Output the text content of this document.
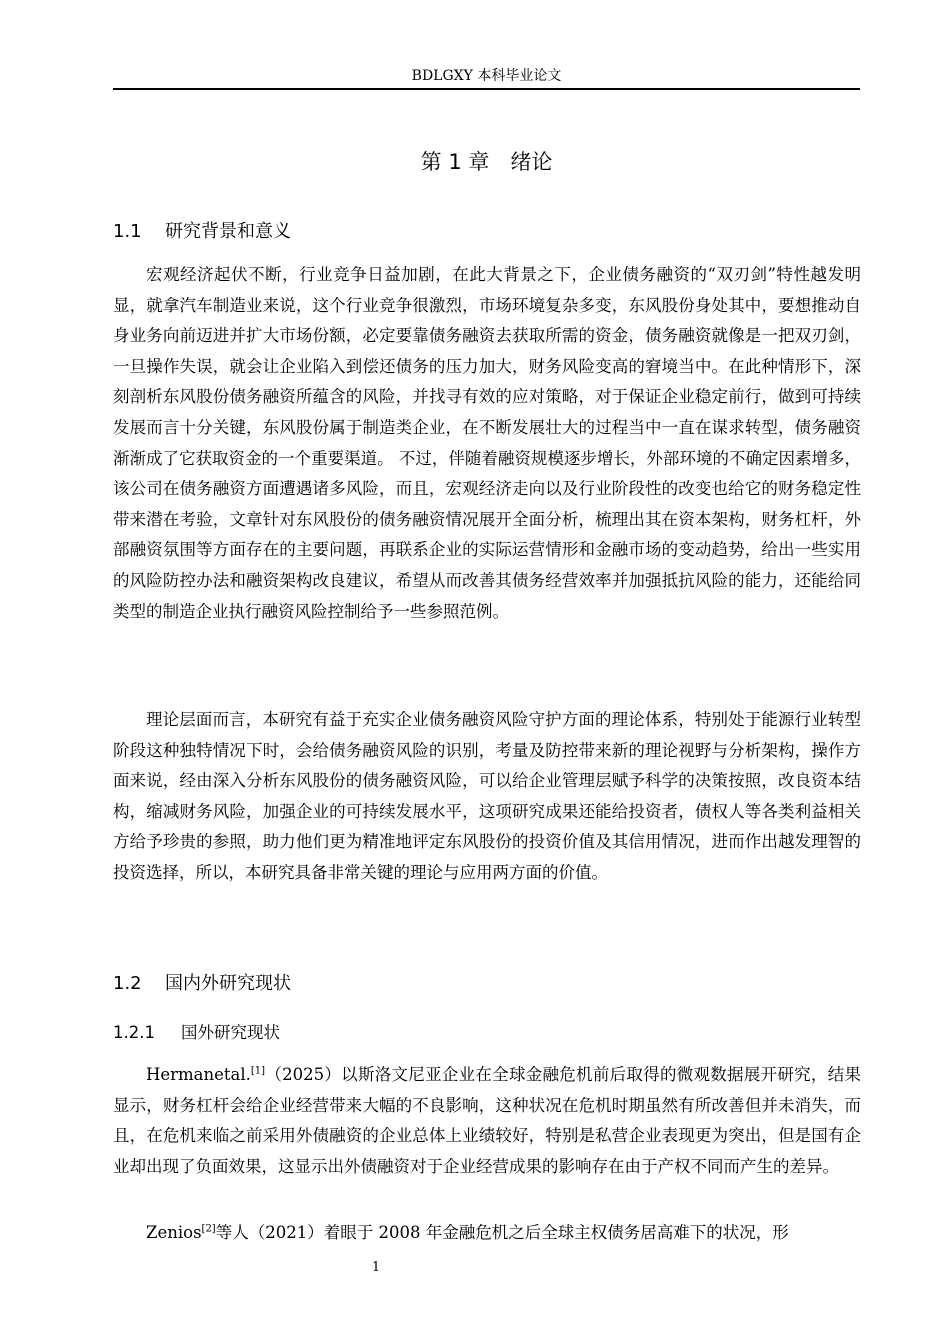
BDLGXY 本科毕业论文
第 1 章　绪论
1.1 研究背景和意义

宏观经济起伏不断，行业竞争日益加剧，在此大背景之下，企业债务融资的“双刃剑”特性越发明显，就拿汽车制造业来说，这个行业竞争很激烈，市场环境复杂多变，东风股份身处其中，要想推动自身业务向前迈进并扩大市场份额，必定要靠债务融资去获取所需的资金，债务融资就像是一把双刃剑，一旦操作失误，就会让企业陷入到偿还债务的压力加大，财务风险变高的窘境当中。在此种情形下，深刻剖析东风股份债务融资所蕴含的风险，并找寻有效的应对策略，对于保证企业稳定前行，做到可持续发展而言十分关键，东风股份属于制造类企业，在不断发展壮大的过程当中一直在谋求转型，债务融资渐渐成了它获取资金的一个重要渠道。 不过，伴随着融资规模逐步增长，外部环境的不确定因素增多，该公司在债务融资方面遭遇诸多风险，而且，宏观经济走向以及行业阶段性的改变也给它的财务稳定性带来潜在考验，文章针对东风股份的债务融资情况展开全面分析，梳理出其在资本架构，财务杠杆，外部融资氛围等方面存在的主要问题，再联系企业的实际运营情形和金融市场的变动趋势，给出一些实用的风险防控办法和融资架构改良建议，希望从而改善其债务经营效率并加强抵抗风险的能力，还能给同类型的制造企业执行融资风险控制给予一些参照范例。

理论层面而言，本研究有益于充实企业债务融资风险守护方面的理论体系，特别处于能源行业转型阶段这种独特情况下时，会给债务融资风险的识别，考量及防控带来新的理论视野与分析架构，操作方面来说，经由深入分析东风股份的债务融资风险，可以给企业管理层赋予科学的决策按照，改良资本结构，缩减财务风险，加强企业的可持续发展水平，这项研究成果还能给投资者，债权人等各类利益相关方给予珍贵的参照，助力他们更为精准地评定东风股份的投资价值及其信用情况，进而作出越发理智的投资选择，所以，本研究具备非常关键的理论与应用两方面的价值。

1.2 国内外研究现状
1.2.1 国外研究现状

Hermanetal.[1]（2025）以斯洛文尼亚企业在全球金融危机前后取得的微观数据展开研究，结果显示，财务杠杆会给企业经营带来大幅的不良影响，这种状况在危机时期虽然有所改善但并未消失，而且，在危机来临之前采用外债融资的企业总体上业绩较好，特别是私营企业表现更为突出，但是国有企业却出现了负面效果，这显示出外债融资对于企业经营成果的影响存在由于产权不同而产生的差异。

Zenios[2]等人（2021）着眼于 2008 年金融危机之后全球主权债务居高难下的状况，形

1
